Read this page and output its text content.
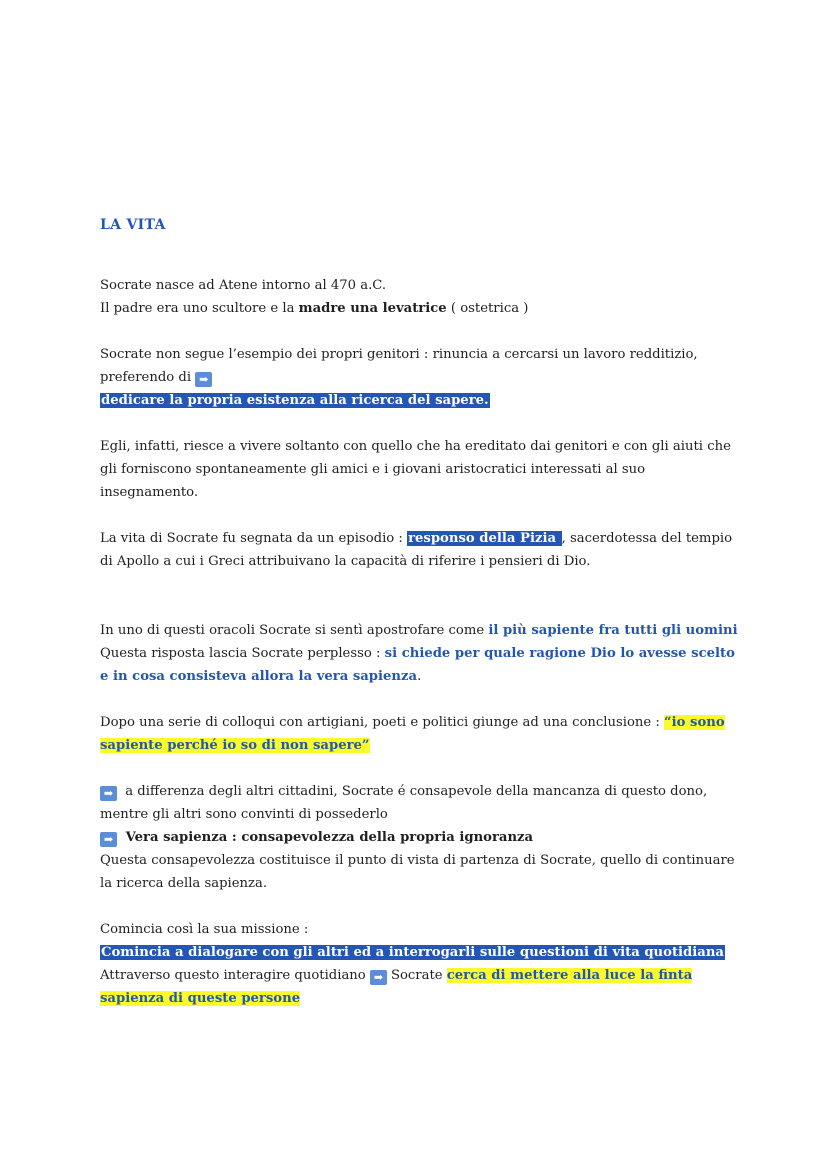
LA VITA

Socrate nasce ad Atene intorno al 470 a.C.
Il padre era uno scultore e la madre una levatrice ( ostetrica )

Socrate non segue l’esempio dei propri genitori : rinuncia a cercarsi un lavoro redditizio, preferendo di ➡
dedicare la propria esistenza alla ricerca del sapere.

Egli, infatti, riesce a vivere soltanto con quello che ha ereditato dai genitori e con gli aiuti che gli forniscono spontaneamente gli amici e i giovani aristocratici interessati al suo insegnamento.

La vita di Socrate fu segnata da un episodio : responso della Pizia , sacerdotessa del tempio di Apollo a cui i Greci attribuivano la capacità di riferire i pensieri di Dio.

In uno di questi oracoli Socrate si sentì apostrofare come il più sapiente fra tutti gli uomini
Questa risposta lascia Socrate perplesso : si chiede per quale ragione Dio lo avesse scelto e in cosa consisteva allora la vera sapienza.

Dopo una serie di colloqui con artigiani, poeti e politici giunge ad una conclusione : “io sono sapiente perché io so di non sapere”

➡ a differenza degli altri cittadini, Socrate é consapevole della mancanza di questo dono, mentre gli altri sono convinti di possederlo
➡ Vera sapienza : consapevolezza della propria ignoranza
Questa consapevolezza costituisce il punto di vista di partenza di Socrate, quello di continuare la ricerca della sapienza.

Comincia così la sua missione :
Comincia a dialogare con gli altri ed a interrogarli sulle questioni di vita quotidiana
Attraverso questo interagire quotidiano ➡ Socrate cerca di mettere alla luce la finta sapienza di queste persone
